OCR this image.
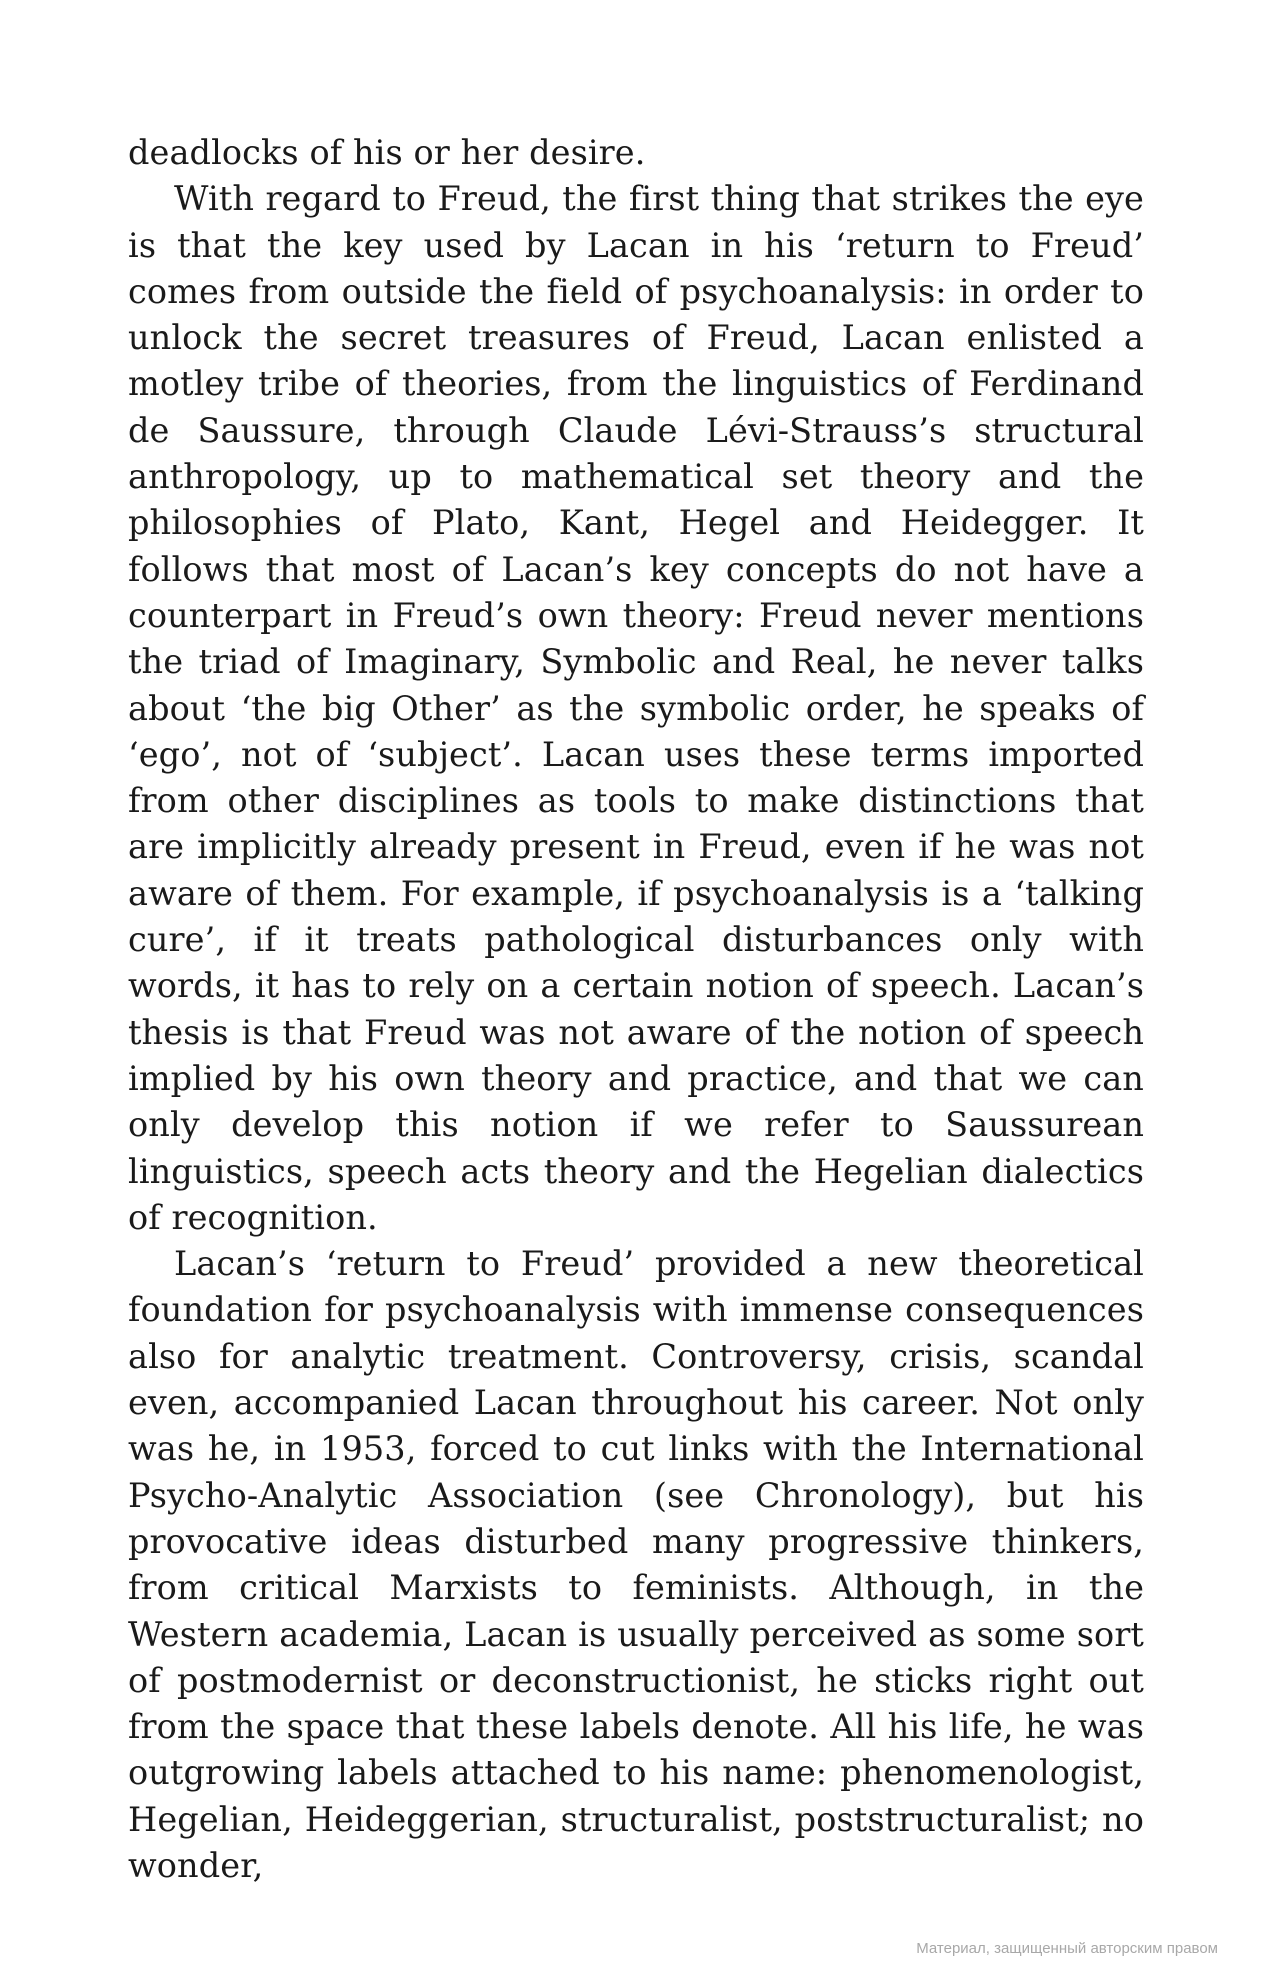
deadlocks of his or her desire.

With regard to Freud, the first thing that strikes the eye is that the key used by Lacan in his ‘return to Freud’ comes from outside the field of psychoanalysis: in order to unlock the secret treasures of Freud, Lacan enlisted a motley tribe of theories, from the linguistics of Ferdinand de Saussure, through Claude Lévi-Strauss’s structural anthropology, up to mathematical set theory and the philosophies of Plato, Kant, Hegel and Heidegger. It follows that most of Lacan’s key concepts do not have a counterpart in Freud’s own theory: Freud never mentions the triad of Imaginary, Symbolic and Real, he never talks about ‘the big Other’ as the symbolic order, he speaks of ‘ego’, not of ‘subject’. Lacan uses these terms imported from other disciplines as tools to make distinctions that are implicitly already present in Freud, even if he was not aware of them. For example, if psychoanalysis is a ‘talking cure’, if it treats pathological disturbances only with words, it has to rely on a certain notion of speech. Lacan’s thesis is that Freud was not aware of the notion of speech implied by his own theory and practice, and that we can only develop this notion if we refer to Saussurean linguistics, speech acts theory and the Hegelian dialectics of recognition.

Lacan’s ‘return to Freud’ provided a new theoretical foundation for psychoanalysis with immense consequences also for analytic treatment. Controversy, crisis, scandal even, accompanied Lacan throughout his career. Not only was he, in 1953, forced to cut links with the International Psycho-Analytic Association (see Chronology), but his provocative ideas disturbed many progressive thinkers, from critical Marxists to feminists. Although, in the Western academia, Lacan is usually perceived as some sort of postmodernist or deconstructionist, he sticks right out from the space that these labels denote. All his life, he was outgrowing labels attached to his name: phenomenologist, Hegelian, Heideggerian, structuralist, poststructuralist; no wonder,

Материал, защищенный авторским правом
